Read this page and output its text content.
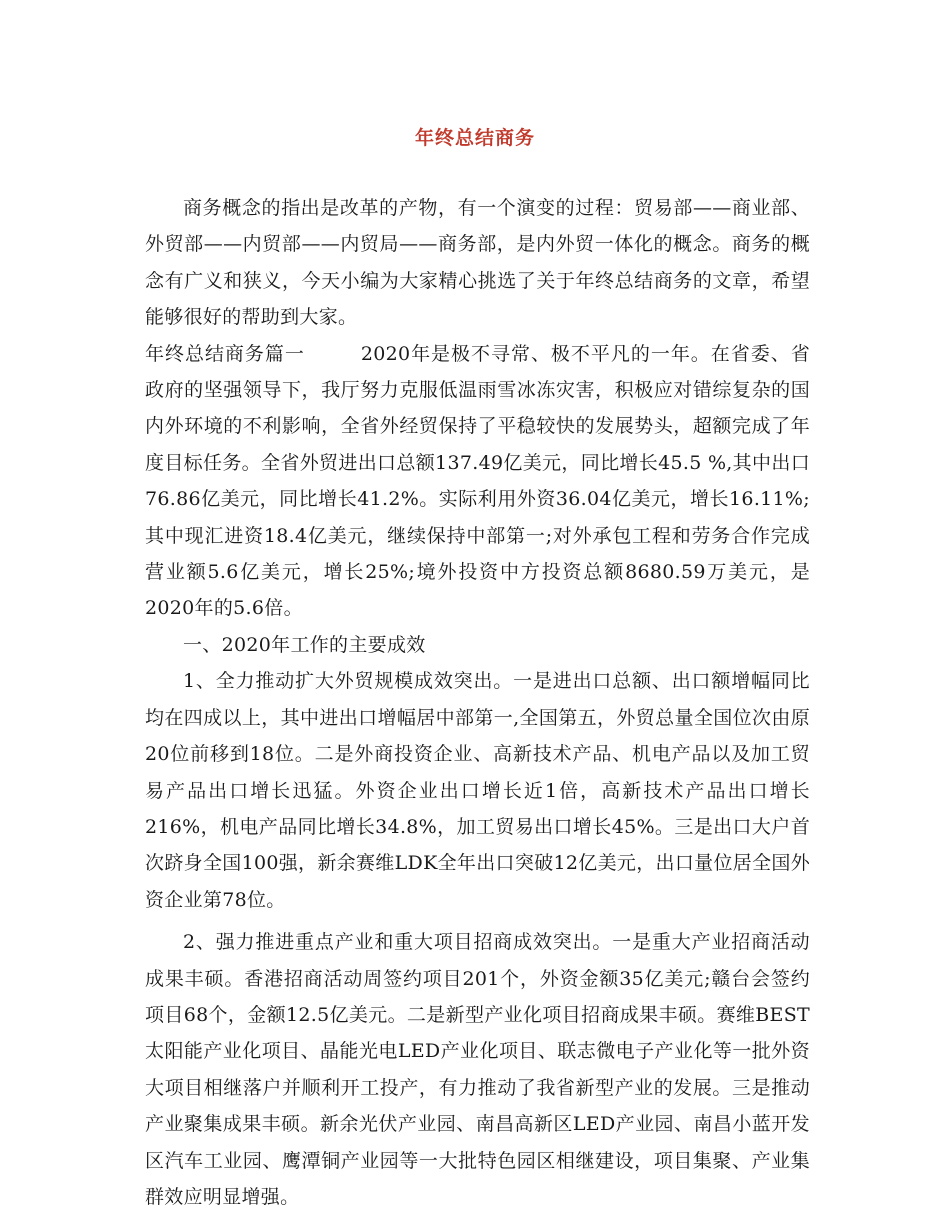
年终总结商务

商务概念的指出是改革的产物，有一个演变的过程：贸易部——商业部、外贸部——内贸部——内贸局——商务部，是内外贸一体化的概念。商务的概念有广义和狭义，今天小编为大家精心挑选了关于年终总结商务的文章，希望能够很好的帮助到大家。

年终总结商务篇一	2020年是极不寻常、极不平凡的一年。在省委、省政府的坚强领导下，我厅努力克服低温雨雪冰冻灾害，积极应对错综复杂的国内外环境的不利影响，全省外经贸保持了平稳较快的发展势头，超额完成了年度目标任务。全省外贸进出口总额137.49亿美元，同比增长45.5 %,其中出口76.86亿美元，同比增长41.2%。实际利用外资36.04亿美元，增长16.11%;其中现汇进资18.4亿美元，继续保持中部第一;对外承包工程和劳务合作完成营业额5.6亿美元，增长25%;境外投资中方投资总额8680.59万美元，是2020年的5.6倍。

一、2020年工作的主要成效

1、全力推动扩大外贸规模成效突出。一是进出口总额、出口额增幅同比均在四成以上，其中进出口增幅居中部第一,全国第五，外贸总量全国位次由原20位前移到18位。二是外商投资企业、高新技术产品、机电产品以及加工贸易产品出口增长迅猛。外资企业出口增长近1倍，高新技术产品出口增长216%，机电产品同比增长34.8%，加工贸易出口增长45%。三是出口大户首次跻身全国100强，新余赛维LDK全年出口突破12亿美元，出口量位居全国外资企业第78位。

2、强力推进重点产业和重大项目招商成效突出。一是重大产业招商活动成果丰硕。香港招商活动周签约项目201个，外资金额35亿美元;赣台会签约项目68个，金额12.5亿美元。二是新型产业化项目招商成果丰硕。赛维BEST太阳能产业化项目、晶能光电LED产业化项目、联志微电子产业化等一批外资大项目相继落户并顺利开工投产，有力推动了我省新型产业的发展。三是推动产业聚集成果丰硕。新余光伏产业园、南昌高新区LED产业园、南昌小蓝开发区汽车工业园、鹰潭铜产业园等一大批特色园区相继建设，项目集聚、产业集群效应明显增强。
